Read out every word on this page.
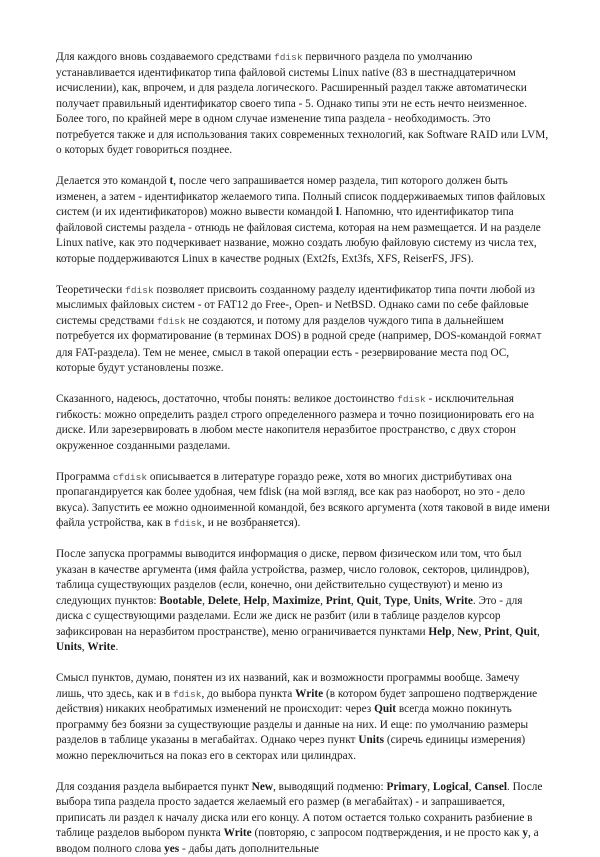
Для каждого вновь создаваемого средствами fdisk первичного раздела по умолчанию устанавливается идентификатор типа файловой системы Linux native (83 в шестнадцатеричном исчислении), как, впрочем, и для раздела логического. Расширенный раздел также автоматически получает правильный идентификатор своего типа - 5. Однако типы эти не есть нечто неизменное. Более того, по крайней мере в одном случае изменение типа раздела - необходимость. Это потребуется также и для использования таких современных технологий, как Software RAID или LVM, о которых будет говориться позднее.

Делается это командой t, после чего запрашивается номер раздела, тип которого должен быть изменен, а затем - идентификатор желаемого типа. Полный список поддерживаемых типов файловых систем (и их идентификаторов) можно вывести командой l. Напомню, что идентификатор типа файловой системы раздела - отнюдь не файловая система, которая на нем размещается. И на разделе Linux native, как это подчеркивает название, можно создать любую файловую систему из числа тех, которые поддерживаются Linux в качестве родных (Ext2fs, Ext3fs, XFS, ReiserFS, JFS).

Теоретически fdisk позволяет присвоить созданному разделу идентификатор типа почти любой из мыслимых файловых систем - от FAT12 до Free-, Open- и NetBSD. Однако сами по себе файловые системы средствами fdisk не создаются, и потому для разделов чуждого типа в дальнейшем потребуется их форматирование (в терминах DOS) в родной среде (например, DOS-командой FORMAT для FAT-раздела). Тем не менее, смысл в такой операции есть - резервирование места под ОС, которые будут установлены позже.

Сказанного, надеюсь, достаточно, чтобы понять: великое достоинство fdisk - исключительная гибкость: можно определить раздел строго определенного размера и точно позиционировать его на диске. Или зарезервировать в любом месте накопителя неразбитое пространство, с двух сторон окруженное созданными разделами.

Программа cfdisk описывается в литературе гораздо реже, хотя во многих дистрибутивах она пропагандируется как более удобная, чем fdisk (на мой взгляд, все как раз наоборот, но это - дело вкуса). Запустить ее можно одноименной командой, без всякого аргумента (хотя таковой в виде имени файла устройства, как в fdisk, и не возбраняется).

После запуска программы выводится информация о диске, первом физическом или том, что был указан в качестве аргумента (имя файла устройства, размер, число головок, секторов, цилиндров), таблица существующих разделов (если, конечно, они действительно существуют) и меню из следующих пунктов: Bootable, Delete, Help, Maximize, Print, Quit, Type, Units, Write. Это - для диска с существующими разделами. Если же диск не разбит (или в таблице разделов курсор зафиксирован на неразбитом пространстве), меню ограничивается пунктами Help, New, Print, Quit, Units, Write.

Смысл пунктов, думаю, понятен из их названий, как и возможности программы вообще. Замечу лишь, что здесь, как и в fdisk, до выбора пункта Write (в котором будет запрошено подтверждение действия) никаких необратимых изменений не происходит: через Quit всегда можно покинуть программу без боязни за существующие разделы и данные на них. И еще: по умолчанию размеры разделов в таблице указаны в мегабайтах. Однако через пункт Units (сиречь единицы измерения) можно переключиться на показ его в секторах или цилиндрах.

Для создания раздела выбирается пункт New, выводящий подменю: Primary, Logical, Cansel. После выбора типа раздела просто задается желаемый его размер (в мегабайтах) - и запрашивается, приписать ли раздел к началу диска или его концу. А потом остается только сохранить разбиение в таблице разделов выбором пункта Write (повторяю, с запросом подтверждения, и не просто как y, а вводом полного слова yes - дабы дать дополнительные
